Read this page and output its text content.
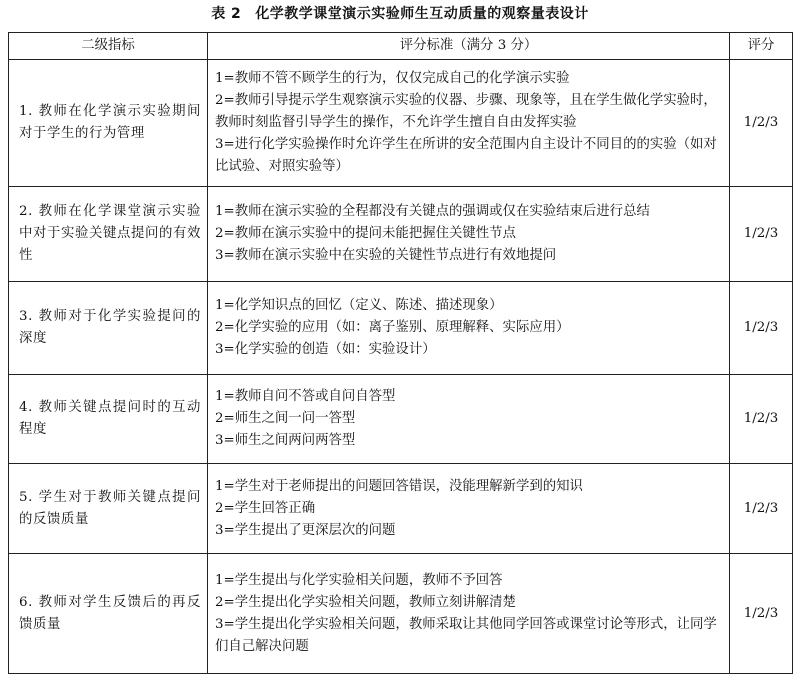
表 2 化学教学课堂演示实验师生互动质量的观察量表设计
二级指标	评分标准（满分 3 分）	评分
1. 教师在化学演示实验期间对于学生的行为管理	1=教师不管不顾学生的行为，仅仅完成自己的化学演示实验
2=教师引导提示学生观察演示实验的仪器、步骤、现象等，且在学生做化学实验时，教师时刻监督引导学生的操作，不允许学生擅自自由发挥实验
3=进行化学实验操作时允许学生在所讲的安全范围内自主设计不同目的的实验（如对比试验、对照实验等）	1/2/3
2. 教师在化学课堂演示实验中对于实验关键点提问的有效性	1=教师在演示实验的全程都没有关键点的强调或仅在实验结束后进行总结
2=教师在演示实验中的提问未能把握住关键性节点
3=教师在演示实验中在实验的关键性节点进行有效地提问	1/2/3
3. 教师对于化学实验提问的深度	1=化学知识点的回忆（定义、陈述、描述现象）
2=化学实验的应用（如：离子鉴别、原理解释、实际应用）
3=化学实验的创造（如：实验设计）	1/2/3
4. 教师关键点提问时的互动程度	1=教师自问不答或自问自答型
2=师生之间一问一答型
3=师生之间两问两答型	1/2/3
5. 学生对于教师关键点提问的反馈质量	1=学生对于老师提出的问题回答错误，没能理解新学到的知识
2=学生回答正确
3=学生提出了更深层次的问题	1/2/3
6. 教师对学生反馈后的再反馈质量	1=学生提出与化学实验相关问题，教师不予回答
2=学生提出化学实验相关问题，教师立刻讲解清楚
3=学生提出化学实验相关问题，教师采取让其他同学回答或课堂讨论等形式，让同学们自己解决问题	1/2/3
